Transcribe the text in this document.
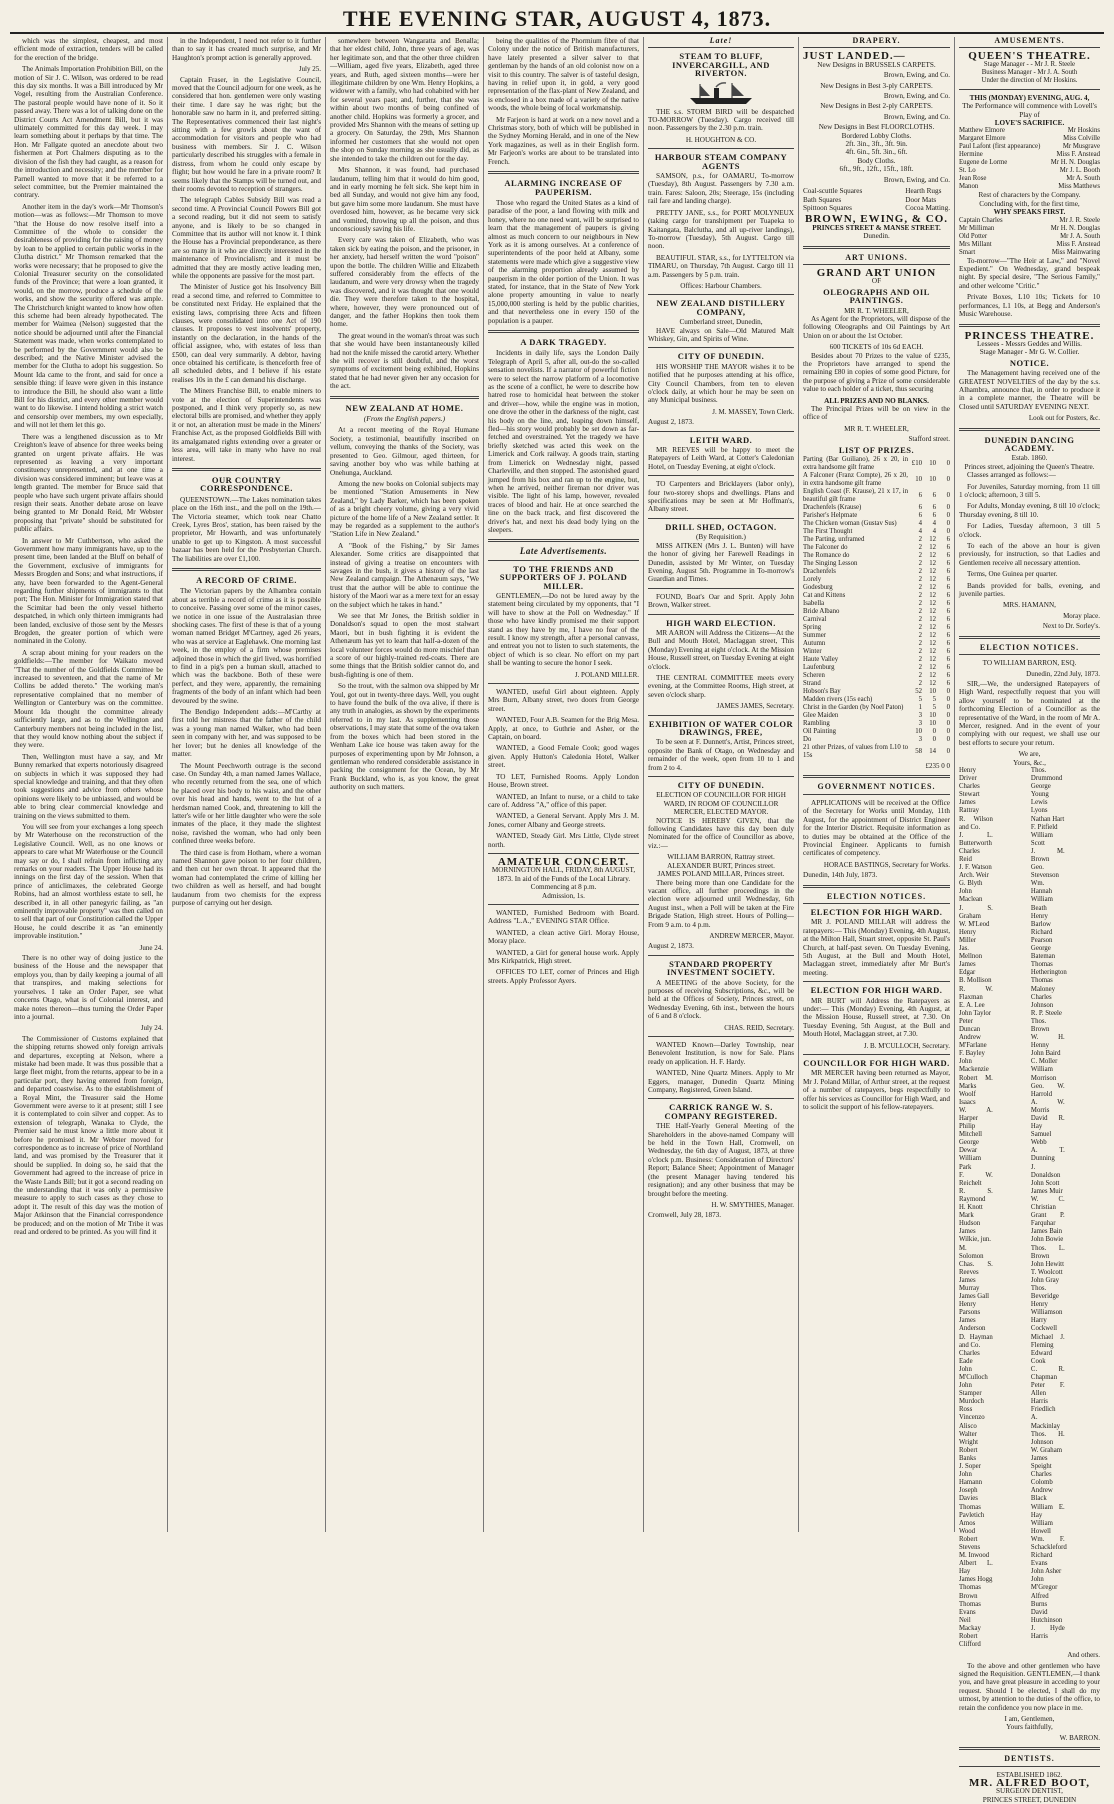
THE EVENING STAR, AUGUST 4, 1873.

which was the simplest, cheapest, and most efficient mode of extraction, tenders will be called for the erection of the bridge.

The Animals Importation Prohibition Bill, on the motion of Sir J. C. Wilson, was ordered to be read this day six months. It was a Bill introduced by Mr Vogel, resulting from the Australian Conference. The pastoral people would have none of it. So it passed away. There was a lot of talking done on the District Courts Act Amendment Bill, but it was ultimately committed for this day week. I may learn something about it perhaps by that time. The Hon. Mr Fallgate quoted an anecdote about two fishermen at Port Chalmers disputing as to the division of the fish they had caught, as a reason for the introduction and necessity; and the member for Parnell wanted to move that it be referred to a select committee, but the Premier maintained the contrary.

Another item in the day's work—Mr Thomson's motion—was as follows:—Mr Thomson to move "that the House do now resolve itself into a Committee of the whole to consider the desirableness of providing for the raising of money by loan to be applied to certain public works in the Clutha district." Mr Thomson remarked that the works were necessary; that he proposed to give the Colonial Treasurer security on the consolidated funds of the Province; that were a loan granted, it would, on the morrow, produce a schedule of the works, and show the security offered was ample. The Christchurch knight wanted to know how often this scheme had been already hypothecated. The member for Waimea (Nelson) suggested that the notice should be adjourned until after the Financial Statement was made, when works contemplated to be performed by the Government would also be described; and the Native Minister advised the member for the Clutha to adopt his suggestion. So Mount Ida came to the front, and said for once a sensible thing: if leave were given in this instance to introduce the Bill, he should also want a little Bill for his district, and every other member would want to do likewise. I intend holding a strict watch and censorship over members, my own especially, and will not let them let this go.

There was a lengthened discussion as to Mr Creighton's leave of absence for three weeks being granted on urgent private affairs. He was represented as leaving a very important constituency unrepresented, and at one time a division was considered imminent; but leave was at length granted. The member for Bruce said that people who have such urgent private affairs should resign their seats. Another debate arose on leave being granted to Mr Donald Reid, Mr Webster proposing that "private" should be substituted for public affairs.

In answer to Mr Cuthbertson, who asked the Government how many immigrants have, up to the present time, been landed at the Bluff on behalf of the Government, exclusive of immigrants for Messrs Brogden and Sons; and what instructions, if any, have been forwarded to the Agent-General regarding further shipments of immigrants to that port; The Hon. Minister for Immigration stated that the Scimitar had been the only vessel hitherto despatched, in which only thirteen immigrants had been landed, exclusive of those sent by the Messrs Brogden, the greater portion of which were nominated in the Colony.

A scrap about mining for your readers on the goldfields:—The member for Waikato moved "That the number of the Goldfields Committee be increased to seventeen, and that the name of Mr Collins be added thereto." The working man's representative complained that no member of Wellington or Canterbury was on the committee. Mount Ida thought the committee already sufficiently large, and as to the Wellington and Canterbury members not being included in the list, that they would know nothing about the subject if they were.

Then, Wellington must have a say, and Mr Bunny remarked that experts notoriously disagreed on subjects in which it was supposed they had special knowledge and training, and that they often took suggestions and advice from others whose opinions were likely to be unbiassed, and would be able to bring clear commercial knowledge and training on the views submitted to them.

You will see from your exchanges a long speech by Mr Waterhouse on the reconstruction of the Legislative Council. Well, as no one knows or appears to care what Mr Waterhouse or the Council may say or do, I shall refrain from inflicting any remarks on your readers. The Upper House had its innings on the first day of the session. When that prince of anticlimaxes, the celebrated George Robins, had an almost worthless estate to sell, he described it, in all other panegyric failing, as "an eminently improvable property" was then called on to sell that part of our Constitution called the Upper House, he could describe it as "an eminently improvable institution."

June 24.

There is no other way of doing justice to the business of the House and the newspaper that employs you, than by daily keeping a journal of all that transpires, and making selections for yourselves. I take an Order Paper, see what concerns Otago, what is of Colonial interest, and make notes thereon—thus turning the Order Paper into a journal.

July 24.

The Commissioner of Customs explained that the shipping returns showed only foreign arrivals and departures, excepting at Nelson, where a mistake had been made. It was thus possible that a large fleet might, from the returns, appear to be in a particular port, they having entered from foreign, and departed coastwise. As to the establishment of a Royal Mint, the Treasurer said the Home Government were averse to it at present; still I see it is contemplated to coin silver and copper. As to extension of telegraph, Wanaka to Clyde, the Premier said he must know a little more about it before he promised it. Mr Webster moved for correspondence as to increase of price of Northland land, and was promised by the Treasurer that it should be supplied. In doing so, he said that the Government had agreed to the increase of price in the Waste Lands Bill; but it got a second reading on the understanding that it was only a permissive measure to apply to such cases as they chose to adopt it. The result of this day was the motion of Major Atkinson that the Financial correspondence be produced; and on the motion of Mr Tribe it was read and ordered to be printed. As you will find it

in the Independent, I need not refer to it further than to say it has created much surprise, and Mr Haughton's prompt action is generally approved.

July 25.

Captain Fraser, in the Legislative Council, moved that the Council adjourn for one week, as he considered that hon. gentlemen were only wasting their time. I dare say he was right; but the honorable saw no harm in it, and preferred sitting. The Representatives commenced their last night's sitting with a few growls about the want of accommodation for visitors and people who had business with members. Sir J. C. Wilson particularly described his struggles with a female in distress, from whom he could only escape by flight; but how would he fare in a private room? It seems likely that the Stamps will be turned out, and their rooms devoted to reception of strangers.

The telegraph Cables Subsidy Bill was read a second time. A Provincial Council Powers Bill got a second reading, but it did not seem to satisfy anyone, and is likely to be so changed in Committee that its author will not know it. I think the House has a Provincial preponderance, as there are so many in it who are directly interested in the maintenance of Provincialism; and it must be admitted that they are mostly active leading men, while the opponents are passive for the most part.

The Minister of Justice got his Insolvency Bill read a second time, and referred to Committee to be constituted next Friday. He explained that the existing laws, comprising three Acts and fifteen clauses, were consolidated into one Act of 190 clauses. It proposes to vest insolvents' property, instantly on the declaration, in the hands of the official assignee, who, with estates of less than £500, can deal very summarily. A debtor, having once obtained his certificate, is thenceforth free of all scheduled debts, and I believe if his estate realises 10s in the £ can demand his discharge.

The Miners Franchise Bill, to enable miners to vote at the election of Superintendents was postponed, and I think very properly so, as new electoral bills are promised, and whether they apply it or not, an alteration must be made in the Miners' Franchise Act, as the proposed Goldfields Bill with its amalgamated rights extending over a greater or less area, will take in many who have no real interest.

OUR COUNTRY CORRESPONDENCE.

QUEENSTOWN.—The Lakes nomination takes place on the 16th inst., and the poll on the 19th.—The Victoria steamer, which took near Chatto Creek, Lyres Bros', station, has been raised by the proprietor, Mr Howarth, and was unfortunately unable to get up to Kingston. A most successful bazaar has been held for the Presbyterian Church. The liabilities are over £1,100.

A RECORD OF CRIME.

The Victorian papers by the Alhambra contain about as terrible a record of crime as it is possible to conceive. Passing over some of the minor cases, we notice in one issue of the Australasian three shocking cases. The first of these is that of a young woman named Bridget M'Cartney, aged 26 years, who was at service at Eaglehawk. One morning last week, in the employ of a firm whose premises adjoined those in which the girl lived, was horrified to find in a pig's pen a human skull, attached to which was the backbone. Both of these were perfect, and they were, apparently, the remaining fragments of the body of an infant which had been devoured by the swine.

The Bendigo Independent adds:—M'Carthy at first told her mistress that the father of the child was a young man named Walker, who had been seen in company with her, and was supposed to be her lover; but he denies all knowledge of the matter.

The Mount Peechworth outrage is the second case. On Sunday 4th, a man named James Wallace, who recently returned from the sea, one of which he placed over his body to his waist, and the other over his head and hands, went to the hut of a herdsman named Cook, and, threatening to kill the latter's wife or her little daughter who were the sole inmates of the place, it they made the slightest noise, ravished the woman, who had only been confined three weeks before.

The third case is from Hotham, where a woman named Shannon gave poison to her four children, and then cut her own throat. It appeared that the woman had contemplated the crime of killing her two children as well as herself, and had bought laudanum from two chemists for the express purpose of carrying out her design.

somewhere between Wangaratta and Benalla; that her eldest child, John, three years of age, was her legitimate son, and that the other three children—William, aged five years, Elizabeth, aged three years, and Ruth, aged sixteen months—were her illegitimate children by one Wm. Henry Hopkins, a widower with a family, who had cohabited with her for several years past; and, further, that she was within about two months of being confined of another child. Hopkins was formerly a grocer, and provided Mrs Shannon with the means of setting up a grocery. On Saturday, the 29th, Mrs Shannon informed her customers that she would not open the shop on Sunday morning as she usually did, as she intended to take the children out for the day.

Mrs Shannon, it was found, had purchased laudanum, telling him that it would do him good, and in early morning he felt sick. She kept him in bed all Sunday, and would not give him any food, but gave him some more laudanum. She must have overdosed him, however, as he became very sick and vomited, throwing up all the poison, and thus unconsciously saving his life.

Every care was taken of Elizabeth, who was taken sick by eating the poison, and the prisoner, in her anxiety, had herself written the word "poison" upon the bottle. The children Willie and Elizabeth suffered considerably from the effects of the laudanum, and were very drowsy when the tragedy was discovered, and it was thought that one would die. They were therefore taken to the hospital, where, however, they were pronounced out of danger, and the father Hopkins then took them home.

The great wound in the woman's throat was such that she would have been instantaneously killed had not the knife missed the carotid artery. Whether she will recover is still doubtful, and the worst symptoms of excitement being exhibited, Hopkins stated that he had never given her any occasion for the act.

NEW ZEALAND AT HOME.
(From the English papers.)

At a recent meeting of the Royal Humane Society, a testimonial, beautifully inscribed on vellum, conveying the thanks of the Society, was presented to Geo. Gilmour, aged thirteen, for saving another boy who was while bathing at Onehunga, Auckland.

Among the new books on Colonial subjects may be mentioned "Station Amusements in New Zealand," by Lady Barker, which has been spoken of as a bright cheery volume, giving a very vivid picture of the home life of a New Zealand settler. It may be regarded as a supplement to the author's "Station Life in New Zealand."

A "Book of the Fishing," by Sir James Alexander. Some critics are disappointed that instead of giving a treatise on encounters with savages in the bush, it gives a history of the last New Zealand campaign. The Athenæum says, "We trust that the author will be able to continue the history of the Maori war as a mere text for an essay on the subject which he takes in hand."

We see that Mr Jones, the British soldier in Donaldson's squad to open the most stalwart Maori, but in bush fighting it is evident the Athenæum has yet to learn that half-a-dozen of the local volunteer forces would do more mischief than a score of our highly-trained red-coats. There are some things that the British soldier cannot do, and bush-fighting is one of them.

So the trout, with the salmon ova shipped by Mr Youl, got out in twenty-three days. Well, you ought to have found the bulk of the ova alive, if there is any truth in analogies, as shown by the experiments referred to in my last. As supplementing those observations, I may state that some of the ova taken from the boxes which had been stored in the Wenham Lake ice house was taken away for the purposes of experimenting upon by Mr Johnson, a gentleman who rendered considerable assistance in packing the consignment for the Ocean, by Mr Frank Buckland, who is, as you know, the great authority on such matters.

being the qualities of the Phormium fibre of that Colony under the notice of British manufacturers, have lately presented a silver salver to that gentleman by the hands of an old colonist now on a visit to this country. The salver is of tasteful design, having in relief upon it, in gold, a very good representation of the flax-plant of New Zealand, and is enclosed in a box made of a variety of the native woods, the whole being of local workmanship.

Mr Farjeon is hard at work on a new novel and a Christmas story, both of which will be published in the Sydney Morning Herald, and in one of the New York magazines, as well as in their English form. Mr Farjeon's works are about to be translated into French.

ALARMING INCREASE OF PAUPERISM.

Those who regard the United States as a kind of paradise of the poor, a land flowing with milk and honey, where no one need want, will be surprised to learn that the management of paupers is giving almost as much concern to our neighbours in New York as it is among ourselves. At a conference of superintendents of the poor held at Albany, some statements were made which give a suggestive view of the alarming proportion already assumed by pauperism in the older portion of the Union. It was stated, for instance, that in the State of New York alone property amounting in value to nearly 15,000,000 sterling is held by the public charities, and that nevertheless one in every 150 of the population is a pauper.

A DARK TRAGEDY.

Incidents in daily life, says the London Daily Telegraph of April 5, after all, out-do the so-called sensation novelists. If a narrator of powerful fiction were to select the narrow platform of a locomotive as the scene of a conflict, he were to describe how hatred rose to homicidal heat between the stoker and driver—how, while the engine was in motion, one drove the other in the darkness of the night, cast his body on the line, and, leaping down himself, fled—his story would probably be set down as far-fetched and overstrained. Yet the tragedy we have briefly sketched was acted this week on the Limerick and Cork railway. A goods train, starting from Limerick on Wednesday night, passed Charleville, and then stopped. The astonished guard jumped from his box and ran up to the engine, but, when he arrived, neither fireman nor driver was visible. The light of his lamp, however, revealed traces of blood and hair. He at once searched the line on the back track, and first discovered the driver's hat, and next his dead body lying on the sleepers.

Late Advertisements.
TO THE FRIENDS AND SUPPORTERS OF J. POLAND MILLER.

GENTLEMEN,—Do not be lured away by the statement being circulated by my opponents, that "I will have to show at the Poll on Wednesday." If those who have kindly promised me their support stand as they have by me, I have no fear of the result. I know my strength, after a personal canvass, and entreat you not to listen to such statements, the object of which is so clear. No effort on my part shall be wanting to secure the honor I seek.

J. POLAND MILLER.

WANTED, useful Girl about eighteen. Apply Mrs Burn, Albany street, two doors from George street.

WANTED, Four A.B. Seamen for the Brig Mesa. Apply, at once, to Guthrie and Asher, or the Captain, on board.

WANTED, a Good Female Cook; good wages given. Apply Hutton's Caledonia Hotel, Walker street.

TO LET, Furnished Rooms. Apply London House, Brown street.

WANTED, an Infant to nurse, or a child to take care of. Address "A," office of this paper.

WANTED, a General Servant. Apply Mrs J. M. Jones, corner Albany and George streets.

WANTED, Steady Girl. Mrs Little, Clyde street north.

AMATEUR CONCERT.
MORNINGTON HALL, FRIDAY, 8th AUGUST, 1873. In aid of the Funds of the Local Library. Commencing at 8 p.m.
Admission, 1s.

WANTED, Furnished Bedroom with Board. Address "L.A.," EVENING STAR Office.

WANTED, a clean active Girl. Moray House, Moray place.

WANTED, a Girl for general house work. Apply Mrs Kirkpatrick, High street.

OFFICES TO LET, corner of Princes and High streets. Apply Professor Ayers.

Late!
STEAM TO BLUFF, INVERCARGILL, AND RIVERTON.

THE s.s. STORM BIRD will be despatched TO-MORROW (Tuesday). Cargo received till noon. Passengers by the 2.30 p.m. train.

H. HOUGHTON & CO.
HARBOUR STEAM COMPANY AGENTS

SAMSON, p.s., for OAMARU, To-morrow (Tuesday), 8th August. Passengers by 7.30 a.m. train. Fares: Saloon, 20s; Steerage, 15s (including rail fare and landing charge).

PRETTY JANE, s.s., for PORT MOLYNEUX (taking cargo for transhipment per Tuapeka to Kaitangata, Balclutha, and all up-river landings), To-morrow (Tuesday), 5th August. Cargo till noon.

BEAUTIFUL STAR, s.s., for LYTTELTON via TIMARU, on Thursday, 7th August. Cargo till 11 a.m. Passengers by 5 p.m. train.

Offices: Harbour Chambers.
NEW ZEALAND DISTILLERY COMPANY,
Cumberland street, Dunedin,

HAVE always on Sale—Old Matured Malt Whiskey, Gin, and Spirits of Wine.

CITY OF DUNEDIN.

HIS WORSHIP THE MAYOR wishes it to be notified that he purposes attending at his office, City Council Chambers, from ten to eleven o'clock daily, at which hour he may be seen on any Municipal business.

J. M. MASSEY, Town Clerk.
August 2, 1873.
LEITH WARD.

MR REEVES will be happy to meet the Ratepayers of Leith Ward, at Cotter's Caledonian Hotel, on Tuesday Evening, at eight o'clock.

TO Carpenters and Bricklayers (labor only), four two-storey shops and dwellings. Plans and specifications may be seen at Mr Hoffman's, Albany street.

DRILL SHED, OCTAGON.
(By Requisition.)

MISS AITKEN (Mrs J. L. Bunten) will have the honor of giving her Farewell Readings in Dunedin, assisted by Mr Winter, on Tuesday Evening, August 5th. Programme in To-morrow's Guardian and Times.

FOUND, Boat's Oar and Sprit. Apply John Brown, Walker street.

HIGH WARD ELECTION.

MR AARON will Address the Citizens—At the Bull and Mouth Hotel, Maclaggan street, This (Monday) Evening at eight o'clock. At the Mission House, Russell street, on Tuesday Evening at eight o'clock.

THE CENTRAL COMMITTEE meets every evening, at the Committee Rooms, High street, at seven o'clock sharp.

JAMES JAMES, Secretary.
EXHIBITION OF WATER COLOR DRAWINGS, FREE,

To be seen at F. Dunnett's, Artist, Princes street, opposite the Bank of Otago, on Wednesday and remainder of the week, open from 10 to 1 and from 2 to 4.

CITY OF DUNEDIN.
ELECTION OF COUNCILLOR FOR HIGH WARD, IN ROOM OF COUNCILLOR MERCER, ELECTED MAYOR.

NOTICE IS HEREBY GIVEN, that the following Candidates have this day been duly Nominated for the office of Councillor as above, viz.:—

WILLIAM BARRON, Rattray street.
ALEXANDER BURT, Princes street.
JAMES POLAND MILLAR, Princes street.

There being more than one Candidate for the vacant office, all further proceedings in the election were adjourned until Wednesday, 6th August inst., when a Poll will be taken at the Fire Brigade Station, High street. Hours of Polling—From 9 a.m. to 4 p.m.

ANDREW MERCER, Mayor.
August 2, 1873.
STANDARD PROPERTY INVESTMENT SOCIETY.

A MEETING of the above Society, for the purposes of receiving Subscriptions, &c., will be held at the Offices of Society, Princes street, on Wednesday Evening, 6th inst., between the hours of 6 and 8 o'clock.

CHAS. REID, Secretary.

WANTED Known—Darley Township, near Benevolent Institution, is now for Sale. Plans ready on application. H. F. Hardy.

WANTED, Nine Quartz Miners. Apply to Mr Eggers, manager, Dunedin Quartz Mining Company, Registered, Green Island.

CARRICK RANGE W. S. COMPANY REGISTERED.

THE Half-Yearly General Meeting of the Shareholders in the above-named Company will be held in the Town Hall, Cromwell, on Wednesday, the 6th day of August, 1873, at three o'clock p.m. Business: Consideration of Directors' Report; Balance Sheet; Appointment of Manager (the present Manager having tendered his resignation); and any other business that may be brought before the meeting.

H. W. SMYTHIES, Manager.
Cromwell, July 28, 1873.
DRAPERY.
JUST LANDED.—
New Designs in BRUSSELS CARPETS.
Brown, Ewing, and Co.
New Designs in Best 3-ply CARPETS.
Brown, Ewing, and Co.
New Designs in Best 2-ply CARPETS.
Brown, Ewing, and Co.
New Designs in Best FLOORCLOTHS.
Bordered Lobby Cloths.
2ft. 3in., 3ft., 3ft. 9in.
4ft. 6in., 5ft. 3in., 6ft.
Body Cloths.
6ft., 9ft., 12ft., 15ft., 18ft.
Brown, Ewing, and Co.
Coal-scuttle Squares
Bath Squares
Spittoon Squares
Hearth Rugs
Door Mats
Cocoa Matting.
BROWN, EWING, & CO.
PRINCES STREET & MANSE STREET.
Dunedin.
ART UNIONS.
GRAND ART UNION
OF
OLEOGRAPHS AND OIL PAINTINGS.
MR R. T. WHEELER,

As Agent for the Proprietors, will dispose of the following Oleographs and Oil Paintings by Art Union on or about the 1st October.

600 TICKETS of 10s 6d EACH.

Besides about 70 Prizes to the value of £235, the Proprietors have arranged to spend the remaining £80 in copies of some good Picture, for the purpose of giving a Prize of some considerable value to each holder of a ticket, thus securing

ALL PRIZES AND NO BLANKS.

The Principal Prizes will be on view in the office of

MR R. T. WHEELER,
Stafford street.
LIST OF PRIZES.
Parting (Bar Guiliano), 26 x 20, in extra handsome gilt frame	£10	10	0
A Falconer (Franz Compte), 26 x 20, in extra handsome gilt frame	10	10	0
English Coast (F. Krause), 21 x 17, in beautiful gilt frame	6	6	0
Drachenfels (Krause)	6	6	0
Parisher's Helpmate	6	6	0
The Chicken woman (Gustav Sus)	4	4	0
The First Thought	4	4	0
The Parting, unframed	2	12	6
The Falconer do	2	12	6
The Romance do	2	12	6
The Singing Lesson	2	12	6
Drachenfels	2	12	6
Lorely	2	12	6
Godesburg	2	12	6
Cat and Kittens	2	12	6
Isabella	2	12	6
Bride Albano	2	12	6
Carnival	2	12	6
Spring	2	12	6
Summer	2	12	6
Autumn	2	12	6
Winter	2	12	6
Haute Valley	2	12	6
Laufenburg	2	12	6
Scheren	2	12	6
Strand	2	12	6
Hobson's Bay	52	10	0
Madden rivers (15s each)	5	5	0
Christ in the Garden (by Noel Paton)	1	5	0
Glee Maiden	3	10	0
Rambling	3	10	0
Oil Painting	10	0	0
Do	3	0	0
21 other Prizes, of values from L10 to 15s	58	14	0
£235 0 0
GOVERNMENT NOTICES.

APPLICATIONS will be received at the Office of the Secretary for Works until Monday, 11th August, for the appointment of District Engineer for the Interior District. Requisite information as to duties may be obtained at the Office of the Provincial Engineer. Applicants to furnish certificates of competency.

HORACE BASTINGS, Secretary for Works.
Dunedin, 14th July, 1873.
ELECTION NOTICES.
ELECTION FOR HIGH WARD.

MR J. POLAND MILLAR will address the ratepayers:— This (Monday) Evening, 4th August, at the Milton Hall, Stuart street, opposite St. Paul's Church, at half-past seven. On Tuesday Evening, 5th August, at the Bull and Mouth Hotel, Maclaggan street, immediately after Mr Burt's meeting.

ELECTION FOR HIGH WARD.

MR BURT will Address the Ratepayers as under:— This (Monday) Evening, 4th August, at the Mission House, Russell street, at 7.30. On Tuesday Evening, 5th August, at the Bull and Mouth Hotel, Maclaggan street, at 7.30.

J. B. M'CULLOCH, Secretary.
COUNCILLOR FOR HIGH WARD.

MR MERCER having been returned as Mayor, Mr J. Poland Millar, of Arthur street, at the request of a number of ratepayers, begs respectfully to offer his services as Councillor for High Ward, and to solicit the support of his fellow-ratepayers.

AMUSEMENTS.
QUEEN'S THEATRE.
Stage Manager - - Mr J. R. Steele
Business Manager - Mr J. A. South
Under the direction of Mr Hoskins.
THIS (MONDAY) EVENING, AUG. 4,
The Performance will commence with Lovell's Play of
LOVE'S SACRIFICE.
Matthew Elmore	Mr Hoskins
Margaret Elmore	Miss Colville
Paul Lafont (first appearance)	Mr Musgrave
Hermine	Miss F. Anstead
Eugene de Lorme	Mr H. N. Douglas
St. Lo	Mr J. L. Booth
Jean Rose	Mr A. South
Manon	Miss Matthews
Rest of characters by the Company.
Concluding with, for the first time,
WHY SPEAKS FIRST.
Captain Charles	Mr J. R. Steele
Mr Milliman	Mr H. N. Douglas
Old Potter	Mr J. A. South
Mrs Millant	Miss F. Anstead
Smart	Miss Mainwaring

To-morrow—"The Heir at Law," and "Novel Expedient." On Wednesday, grand bespeak night. By special desire, "The Serious Family," and other welcome "Critic."

Private Boxes, L10 10s; Tickets for 10 performances, L1 10s, at Begg and Anderson's Music Warehouse.

PRINCESS THEATRE.
Lessees - Messrs Geddes and Willis.
Stage Manager - Mr G. W. Collier.
NOTICE.

The Management having received one of the GREATEST NOVELTIES of the day by the s.s. Alhambra, announce that, in order to produce it in a complete manner, the Theatre will be Closed until SATURDAY EVENING NEXT.

Look out for Posters, &c.
DUNEDIN DANCING ACADEMY.
Estab. 1860.
Princes street, adjoining the Queen's Theatre.

Classes arranged as follows:—

For Juveniles, Saturday morning, from 11 till 1 o'clock; afternoon, 3 till 5.

For Adults, Monday evening, 8 till 10 o'clock; Thursday evening, 8 till 10.

For Ladies, Tuesday afternoon, 3 till 5 o'clock.

To each of the above an hour is given previously, for instruction, so that Ladies and Gentlemen receive all necessary attention.

Terms, One Guinea per quarter.

Bands provided for balls, evening, and juvenile parties.

MRS. HAMANN,
Moray place.
Next to Dr. Sorley's.
ELECTION NOTICES.
TO WILLIAM BARRON, ESQ.
Dunedin, 22nd July, 1873.

SIR,—We, the undersigned Ratepayers of High Ward, respectfully request that you will allow yourself to be nominated at the forthcoming Election of a Councillor as the representative of the Ward, in the room of Mr A. Mercer, resigned. And in the event of your complying with our request, we shall use our best efforts to secure your return.

We are,
Yours, &c.,
Henry Driver
Charles Stewart
James Rattray
R. Wilson and Co.
J. L. Butterworth
Charles Reid
J. F. Watson
Arch. Weir
G. Blyth
John Maclean
J. S. Graham
W. M'Leod
Henry Miller
Jas. Mellnon
James Edgar
B. Mollison
R. W. Flaxman
E. A. Lee
John Taylor
Peter Duncan
Andrew M'Farlane
F. Bayley
John Mackenzie
Robert M. Marks
Woolf Isaacs
W. A. Harper
Philip Mitchell
George Dewar
William Park
F. W. Reichelt
R. S. Raymond
H. Knott
Mark Hudson
James Wilkie, jun.
M. Solomon
Chas. S. Reeves
James Murray
James Gall
Henry Parsons
James Anderson
D. Hayman and Co.
Charles Eade
John M'Culloch
John Stamper
Murdoch Ross
Vincenzo Alisco
Walter Wright
Robert Banks
J. Soper
John Hamann
Joseph Davies
Thomas Pavletich
Amos Wood
Robert Stevens
M. Inwood
Albert L. Hay
James Hogg
Thomas Brown
Thomas Evans
Neil Mackay
Robert Clifford
Thos. Drummond
George Young
Lewis Lyons
Nathan Hart
F. Pitfield
William Scott
J. M. Brown
Geo. Stevenson
Wm. Hannah
William Beath
Henry Barlow
Richard Pearson
George Bateman
Thomas Hetherington
Thomas Maloney
Charles Johnson
R. P. Steele
Thos. Brown
W. H. Henny
John Baird
C. Moller
William Morrison
Geo. W. Harrold
A. W. Morris
David R. Hay
Samuel Webb
A. T. Dunning
J. Donaldson
John Scott
James Muir
W. C. Christian
Grant P. Farquhar
James Bain
John Bowie
Thos. L. Brown
John Hewitt
T. Woolcott
John Gray
Thos. Beveridge
Henry Williamson
Harry Cockwell
Michael J. Fleming
Edward Cook
C. R. Chapman
Peter F. Allen
Harris Friedlich
A. Mackinlay
Thos. H. Johnson
W. Graham
James Speight
Charles Colomb
Andrew Black
William E. Hay
William Howell
Wm. F. Schackleford
Richard Evans
John Asher
John M'Gregor
Alfred Burns
David Hutchinson
J. Hyde Harris
And others.

To the above and other gentlemen who have signed the Requisition. GENTLEMEN,—I thank you, and have great pleasure in acceding to your request. Should I be elected, I shall do my utmost, by attention to the duties of the office, to retain the confidence you now place in me.

I am, Gentlemen,
Yours faithfully,
W. BARRON.
DENTISTS.
ESTABLISHED 1862.
MR. ALFRED BOOT,
SURGEON DENTIST,
PRINCES STREET, DUNEDIN
